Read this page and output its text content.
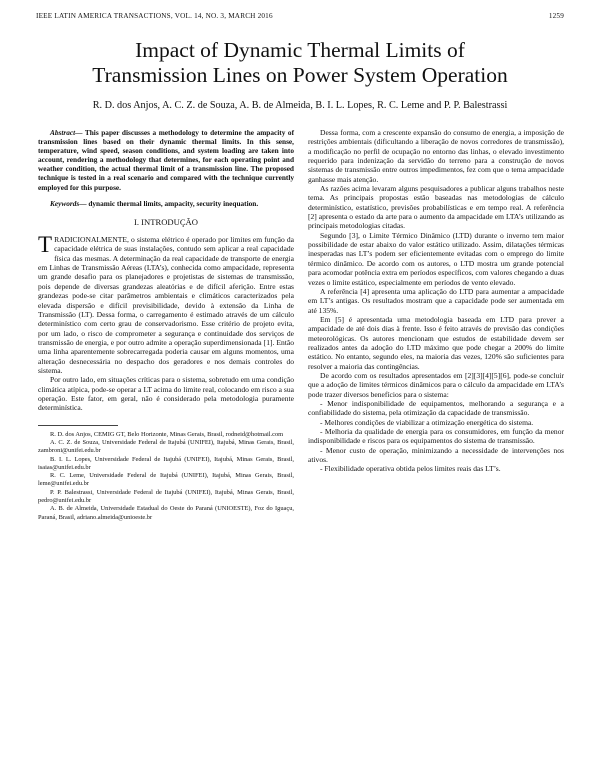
IEEE LATIN AMERICA TRANSACTIONS, VOL. 14, NO. 3, MARCH 2016	1259
Impact of Dynamic Thermal Limits of
Transmission Lines on Power System Operation
R. D. dos Anjos, A. C. Z. de Souza, A. B. de Almeida, B. I. L. Lopes, R. C. Leme and P. P. Balestrassi

Abstract— This paper discusses a methodology to determine the ampacity of transmission lines based on their dynamic thermal limits. In this sense, temperature, wind speed, season conditions, and system loading are taken into account, rendering a methodology that determines, for each operating point and weather condition, the actual thermal limit of a transmission line. The proposed technique is tested in a real scenario and compared with the technique currently employed for this purpose.

Keywords— dynamic thermal limits, ampacity, security inequation.

I. INTRODUÇÃO

TRADICIONALMENTE, o sistema elétrico é operado por limites em função da capacidade elétrica de suas instalações, contudo sem aplicar a real capacidade física das mesmas. A determinação da real capacidade de transporte de energia em Linhas de Transmissão Aéreas (LTA’s), conhecida como ampacidade, representa um grande desafio para os planejadores e projetistas de sistemas de transmissão, pois depende de diversas grandezas aleatórias e de difícil aferição. Entre estas grandezas pode-se citar parâmetros ambientais e climáticos caracterizados pela elevada dispersão e difícil previsibilidade, devido à extensão da Linha de Transmissão (LT). Dessa forma, o carregamento é estimado através de um cálculo determinístico com certo grau de conservadorismo. Esse critério de projeto evita, por um lado, o risco de comprometer a segurança e continuidade dos serviços de transmissão de energia, e por outro admite a operação superdimensionada [1]. Então uma linha aparentemente sobrecarregada poderia causar em alguns momentos, uma alteração desnecessária no despacho dos geradores e nos demais controles do sistema.

Por outro lado, em situações críticas para o sistema, sobretudo em uma condição climática atípica, pode-se operar a LT acima do limite real, colocando em risco a sua operação. Este fator, em geral, não é considerado pela metodologia puramente determinística.

R. D. dos Anjos, CEMIG GT, Belo Horizonte, Minas Gerais, Brasil, rodneid@hotmail.com

A. C. Z. de Souza, Universidade Federal de Itajubá (UNIFEI), Itajubá, Minas Gerais, Brasil, zambroni@unifei.edu.br

B. I. L. Lopes, Universidade Federal de Itajubá (UNIFEI), Itajubá, Minas Gerais, Brasil, isaias@unifei.edu.br

R. C. Leme, Universidade Federal de Itajubá (UNIFEI), Itajubá, Minas Gerais, Brasil, leme@unifei.edu.br

P. P. Balestrassi, Universidade Federal de Itajubá (UNIFEI), Itajubá, Minas Gerais, Brasil, pedro@unifei.edu.br

A. B. de Almeida, Universidade Estadual do Oeste do Paraná (UNIOESTE), Foz do Iguaçu, Paraná, Brasil, adriano.almeida@unioeste.br

Dessa forma, com a crescente expansão do consumo de energia, a imposição de restrições ambientais (dificultando a liberação de novos corredores de transmissão), a modificação no perfil de ocupação no entorno das linhas, o elevado investimento requerido para indenização da servidão do terreno para a construção de novos sistemas de transmissão entre outros impedimentos, fez com que o tema ampacidade ganhasse mais atenção.

As razões acima levaram alguns pesquisadores a publicar alguns trabalhos neste tema. As principais propostas estão baseadas nas metodologias de cálculo determinístico, estatístico, previsões probabilísticas e em tempo real. A referência [2] apresenta o estado da arte para o aumento da ampacidade em LTA’s utilizando as principais metodologias citadas.

Segundo [3], o Limite Térmico Dinâmico (LTD) durante o inverno tem maior possibilidade de estar abaixo do valor estático utilizado. Assim, dilatações térmicas inesperadas nas LT’s podem ser eficientemente evitadas com o emprego do limite térmico dinâmico. De acordo com os autores, o LTD mostra um grande potencial para acomodar potência extra em períodos específicos, com valores chegando a duas vezes o limite estático, especialmente em períodos de vento elevado.

A referência [4] apresenta uma aplicação do LTD para aumentar a ampacidade em LT’s antigas. Os resultados mostram que a capacidade pode ser aumentada em até 135%.

Em [5] é apresentada uma metodologia baseada em LTD para prever a ampacidade de até dois dias à frente. Isso é feito através de previsão das condições meteorológicas. Os autores mencionam que estudos de estabilidade devem ser realizados antes da adoção do LTD máximo que pode chegar a 200% do limite estático. No entanto, segundo eles, na maioria das vezes, 120% são suficientes para resolver a maioria das contingências.

De acordo com os resultados apresentados em [2][3][4][5][6], pode-se concluir que a adoção de limites térmicos dinâmicos para o cálculo da ampacidade em LTA’s pode trazer diversos benefícios para o sistema:

- Menor indisponibilidade de equipamentos, melhorando a segurança e a confiabilidade do sistema, pela otimização da capacidade de transmissão.

- Melhores condições de viabilizar a otimização energética do sistema.

- Melhoria da qualidade de energia para os consumidores, em função da menor indisponibilidade e riscos para os equipamentos do sistema de transmissão.

- Menor custo de operação, minimizando a necessidade de intervenções nos ativos.

- Flexibilidade operativa obtida pelos limites reais das LT’s.
